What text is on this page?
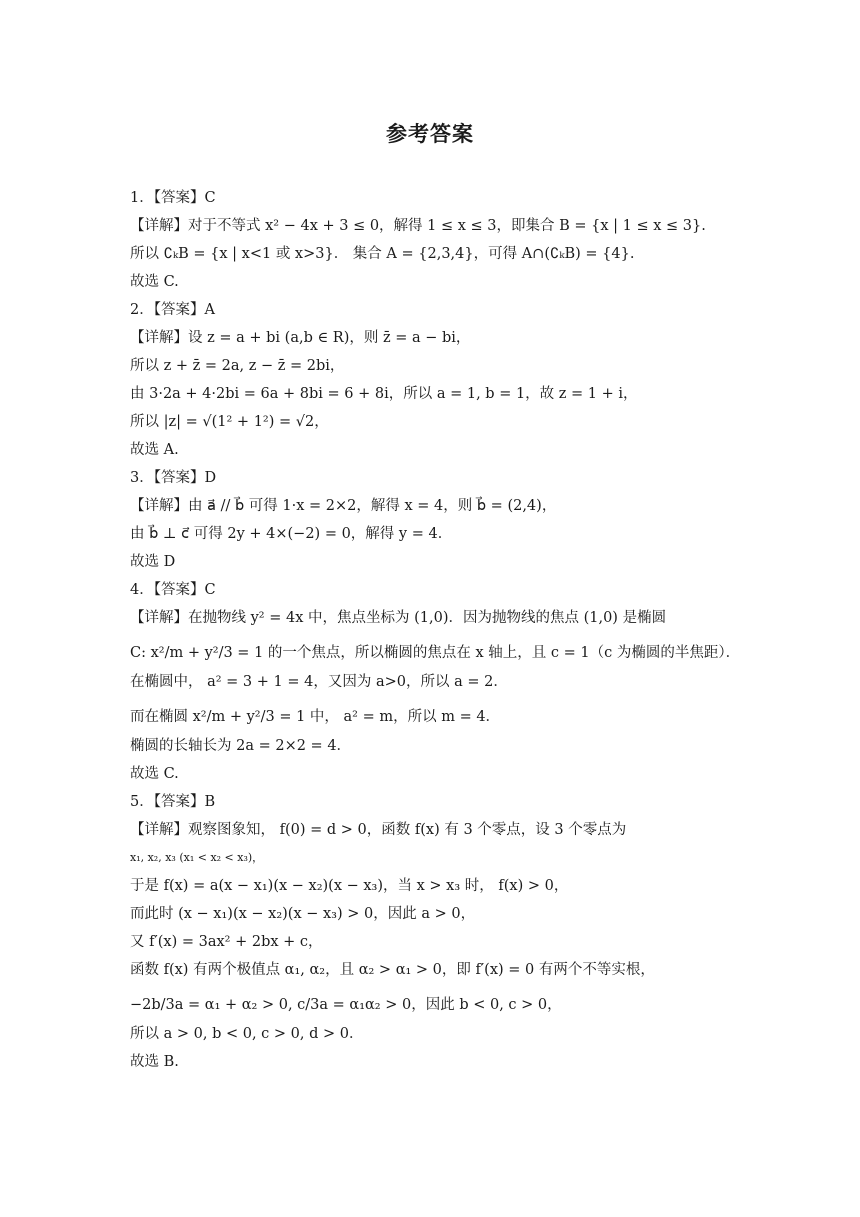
参考答案
1．【答案】C
【详解】对于不等式 x² − 4x + 3 ≤ 0，解得 1 ≤ x ≤ 3，即集合 B = {x | 1 ≤ x ≤ 3}.
所以 ∁ₖB = {x | x<1 或 x>3}． 集合 A = {2,3,4}，可得 A∩(∁ₖB) = {4}.
故选 C.
2．【答案】A
【详解】设 z = a + bi (a,b ∈ R)，则 z̄ = a − bi，
所以 z + z̄ = 2a, z − z̄ = 2bi，
由 3·2a + 4·2bi = 6a + 8bi = 6 + 8i，所以 a = 1, b = 1，故 z = 1 + i，
所以 |z| = √(1² + 1²) = √2，
故选 A.
3．【答案】D
【详解】由 a⃗ // b⃗ 可得 1·x = 2×2，解得 x = 4，则 b⃗ = (2,4)，
由 b⃗ ⊥ c⃗ 可得 2y + 4×(−2) = 0，解得 y = 4．
故选 D
4．【答案】C
【详解】在抛物线 y² = 4x 中，焦点坐标为 (1,0)．因为抛物线的焦点 (1,0) 是椭圆
C: x²/m + y²/3 = 1 的一个焦点，所以椭圆的焦点在 x 轴上，且 c = 1（c 为椭圆的半焦距）．
在椭圆中， a² = 3 + 1 = 4，又因为 a>0，所以 a = 2．
而在椭圆 x²/m + y²/3 = 1 中， a² = m，所以 m = 4．
椭圆的长轴长为 2a = 2×2 = 4．
故选 C.
5．【答案】B
【详解】观察图象知， f(0) = d > 0，函数 f(x) 有 3 个零点，设 3 个零点为
x₁, x₂, x₃ (x₁ < x₂ < x₃)，
于是 f(x) = a(x − x₁)(x − x₂)(x − x₃)，当 x > x₃ 时， f(x) > 0，
而此时 (x − x₁)(x − x₂)(x − x₃) > 0，因此 a > 0，
又 f′(x) = 3ax² + 2bx + c，
函数 f(x) 有两个极值点 α₁, α₂，且 α₂ > α₁ > 0，即 f′(x) = 0 有两个不等实根，
−2b/3a = α₁ + α₂ > 0, c/3a = α₁α₂ > 0，因此 b < 0, c > 0，
所以 a > 0, b < 0, c > 0, d > 0．
故选 B.
